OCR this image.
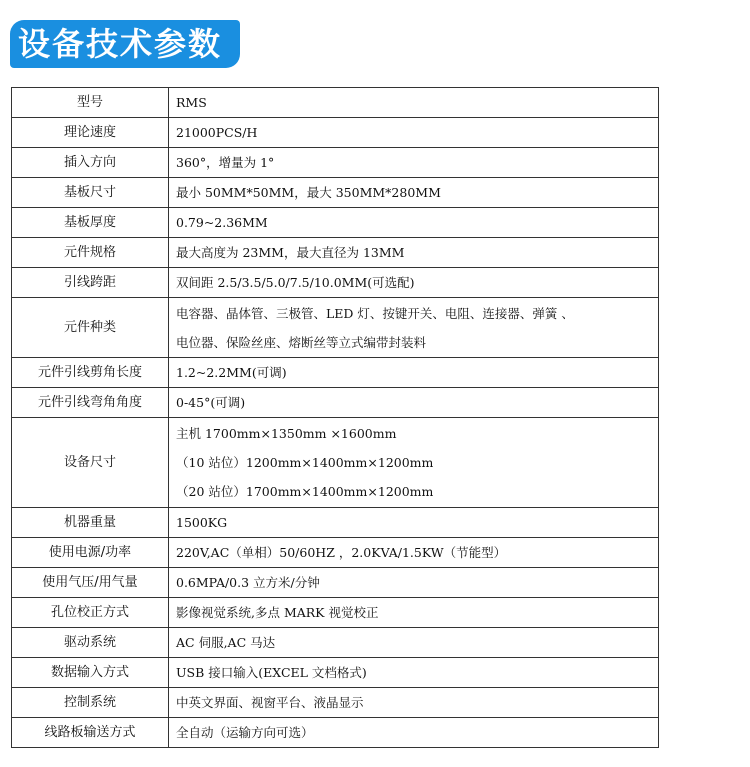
设备技术参数
型号	RMS

理论速度	21000PCS/H

插入方向	360°，增量为 1°

基板尺寸	最小 50MM*50MM，最大 350MM*280MM

基板厚度	0.79~2.36MM

元件规格	最大高度为 23MM，最大直径为 13MM

引线跨距	双间距 2.5/3.5/5.0/7.5/10.0MM(可选配)

元件种类	电容器、晶体管、三极管、LED 灯、按键开关、电阻、连接器、弹簧 、
电位器、保险丝座、熔断丝等立式编带封装料

元件引线剪角长度	1.2~2.2MM(可调)

元件引线弯角角度	0-45°(可调)

设备尺寸	主机 1700mm×1350mm ×1600mm
（10 站位）1200mm×1400mm×1200mm
（20 站位）1700mm×1400mm×1200mm

机器重量	1500KG

使用电源/功率	220V,AC（单相）50/60HZ ，2.0KVA/1.5KW（节能型）

使用气压/用气量	0.6MPA/0.3 立方米/分钟

孔位校正方式	影像视觉系统,多点 MARK 视觉校正

驱动系统	AC 伺服,AC 马达

数据输入方式	USB 接口输入(EXCEL 文档格式)

控制系统	中英文界面、视窗平台、液晶显示

线路板输送方式	全自动（运输方向可选）
